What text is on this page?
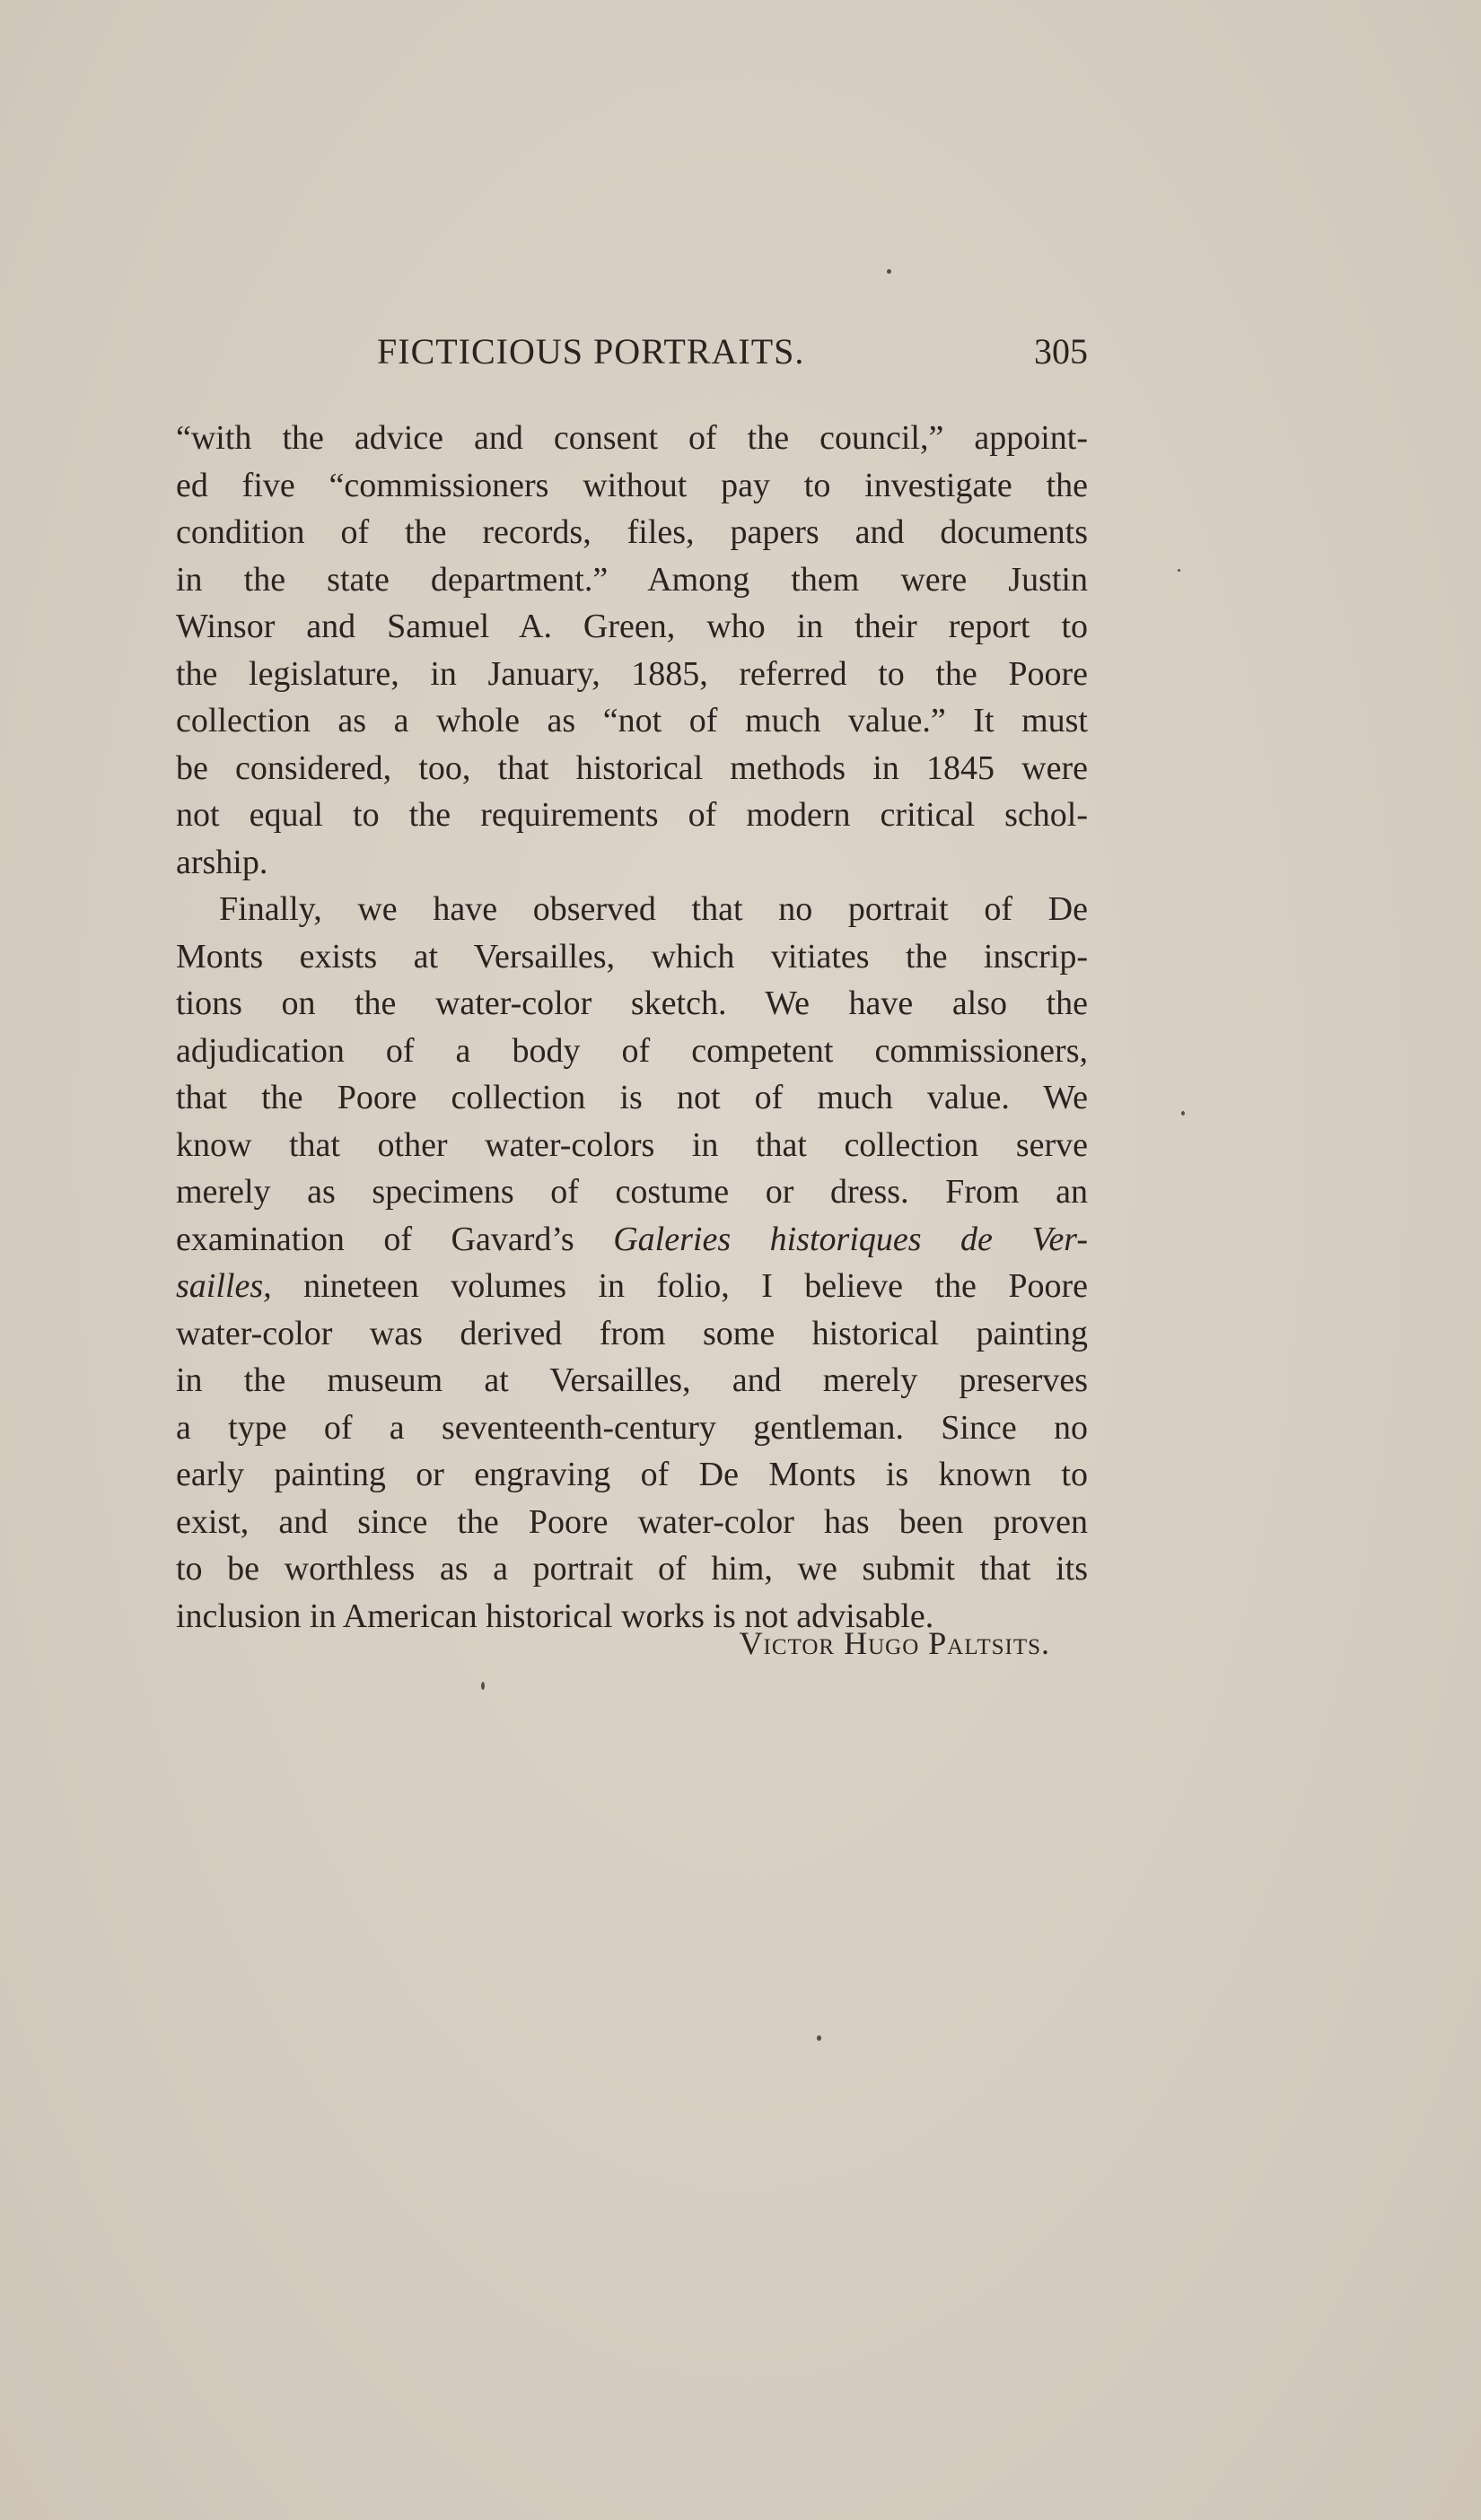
FICTICIOUS PORTRAITS.	305
“with the advice and consent of the council,” appoint-
ed five “commissioners without pay to investigate the
condition of the records, files, papers and documents
in the state department.” Among them were Justin
Winsor and Samuel A. Green, who in their report to
the legislature, in January, 1885, referred to the Poore
collection as a whole as “not of much value.” It must
be considered, too, that historical methods in 1845 were
not equal to the requirements of modern critical schol-
arship.
Finally, we have observed that no portrait of De
Monts exists at Versailles, which vitiates the inscrip-
tions on the water-color sketch. We have also the
adjudication of a body of competent commissioners,
that the Poore collection is not of much value. We
know that other water-colors in that collection serve
merely as specimens of costume or dress. From an
examination of Gavard’s Galeries historiques de Ver-
sailles, nineteen volumes in folio, I believe the Poore
water-color was derived from some historical painting
in the museum at Versailles, and merely preserves
a type of a seventeenth-century gentleman. Since no
early painting or engraving of De Monts is known to
exist, and since the Poore water-color has been proven
to be worthless as a portrait of him, we submit that its
inclusion in American historical works is not advisable.
Victor Hugo Paltsits.
